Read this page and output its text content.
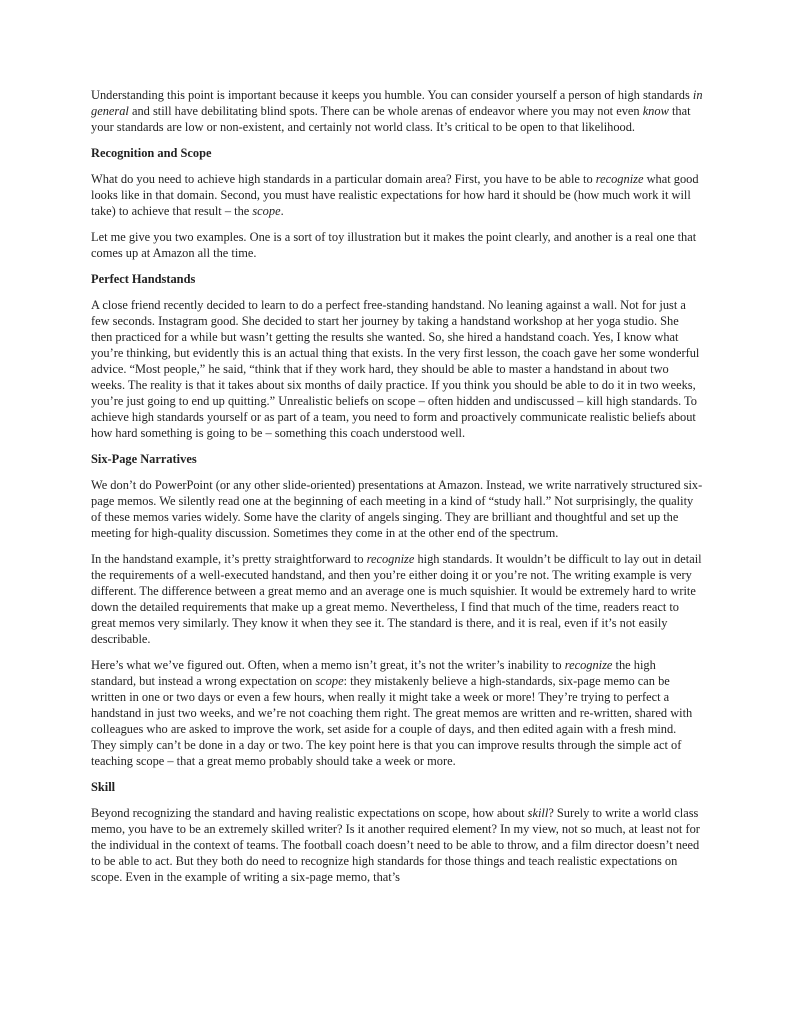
Understanding this point is important because it keeps you humble. You can consider yourself a person of high standards in general and still have debilitating blind spots. There can be whole arenas of endeavor where you may not even know that your standards are low or non-existent, and certainly not world class. It’s critical to be open to that likelihood.

Recognition and Scope

What do you need to achieve high standards in a particular domain area? First, you have to be able to recognize what good looks like in that domain. Second, you must have realistic expectations for how hard it should be (how much work it will take) to achieve that result – the scope.

Let me give you two examples. One is a sort of toy illustration but it makes the point clearly, and another is a real one that comes up at Amazon all the time.

Perfect Handstands

A close friend recently decided to learn to do a perfect free-standing handstand. No leaning against a wall. Not for just a few seconds. Instagram good. She decided to start her journey by taking a handstand workshop at her yoga studio. She then practiced for a while but wasn’t getting the results she wanted. So, she hired a handstand coach. Yes, I know what you’re thinking, but evidently this is an actual thing that exists. In the very first lesson, the coach gave her some wonderful advice. “Most people,” he said, “think that if they work hard, they should be able to master a handstand in about two weeks. The reality is that it takes about six months of daily practice. If you think you should be able to do it in two weeks, you’re just going to end up quitting.” Unrealistic beliefs on scope – often hidden and undiscussed – kill high standards. To achieve high standards yourself or as part of a team, you need to form and proactively communicate realistic beliefs about how hard something is going to be – something this coach understood well.

Six-Page Narratives

We don’t do PowerPoint (or any other slide-oriented) presentations at Amazon. Instead, we write narratively structured six-page memos. We silently read one at the beginning of each meeting in a kind of “study hall.” Not surprisingly, the quality of these memos varies widely. Some have the clarity of angels singing. They are brilliant and thoughtful and set up the meeting for high-quality discussion. Sometimes they come in at the other end of the spectrum.

In the handstand example, it’s pretty straightforward to recognize high standards. It wouldn’t be difficult to lay out in detail the requirements of a well-executed handstand, and then you’re either doing it or you’re not. The writing example is very different. The difference between a great memo and an average one is much squishier. It would be extremely hard to write down the detailed requirements that make up a great memo. Nevertheless, I find that much of the time, readers react to great memos very similarly. They know it when they see it. The standard is there, and it is real, even if it’s not easily describable.

Here’s what we’ve figured out. Often, when a memo isn’t great, it’s not the writer’s inability to recognize the high standard, but instead a wrong expectation on scope: they mistakenly believe a high-standards, six-page memo can be written in one or two days or even a few hours, when really it might take a week or more! They’re trying to perfect a handstand in just two weeks, and we’re not coaching them right. The great memos are written and re-written, shared with colleagues who are asked to improve the work, set aside for a couple of days, and then edited again with a fresh mind. They simply can’t be done in a day or two. The key point here is that you can improve results through the simple act of teaching scope – that a great memo probably should take a week or more.

Skill

Beyond recognizing the standard and having realistic expectations on scope, how about skill? Surely to write a world class memo, you have to be an extremely skilled writer? Is it another required element? In my view, not so much, at least not for the individual in the context of teams. The football coach doesn’t need to be able to throw, and a film director doesn’t need to be able to act. But they both do need to recognize high standards for those things and teach realistic expectations on scope. Even in the example of writing a six-page memo, that’s
